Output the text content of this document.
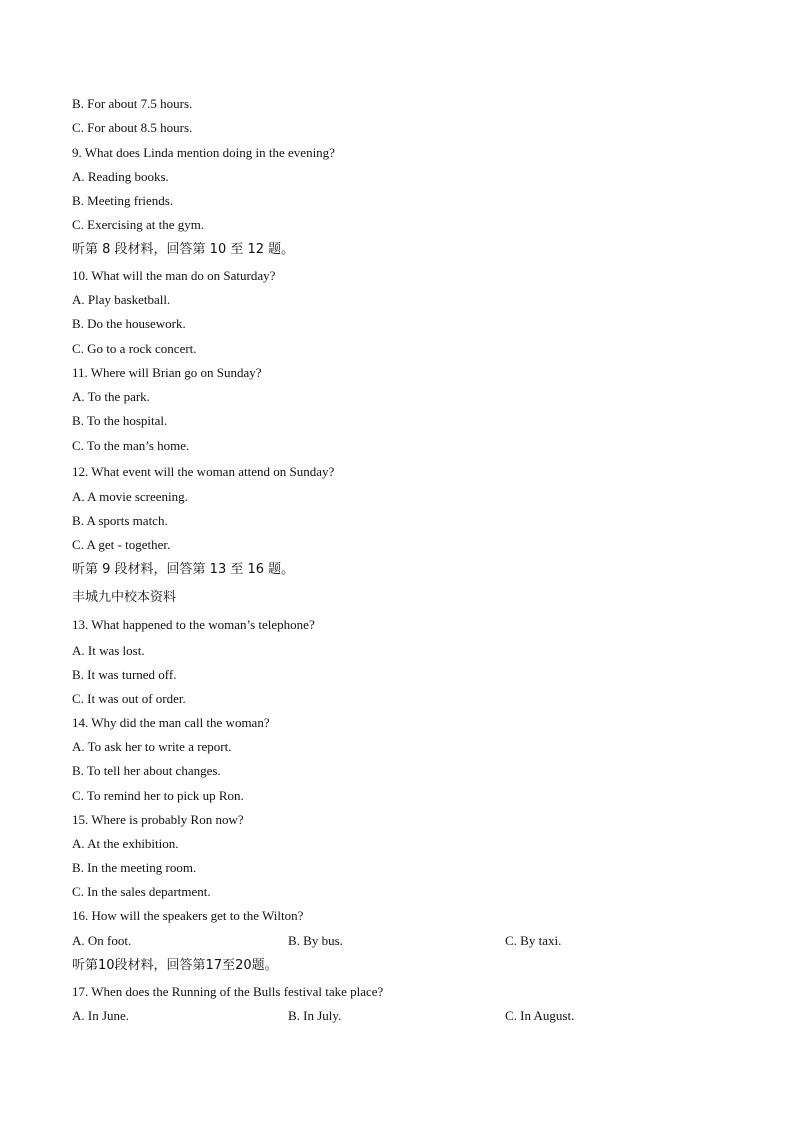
B. For about 7.5 hours.
C. For about 8.5 hours.
9. What does Linda mention doing in the evening?
A. Reading books.
B. Meeting friends.
C. Exercising at the gym.
听第 8 段材料，回答第 10 至 12 题。
10. What will the man do on Saturday?
A. Play basketball.
B. Do the housework.
C. Go to a rock concert.
11. Where will Brian go on Sunday?
A. To the park.
B. To the hospital.
C. To the man’s home.
12. What event will the woman attend on Sunday?
A. A movie screening.
B. A sports match.
C. A get - together.
听第 9 段材料，回答第 13 至 16 题。
丰城九中校本资料
13. What happened to the woman’s telephone?
A. It was lost.
B. It was turned off.
C. It was out of order.
14. Why did the man call the woman?
A. To ask her to write a report.
B. To tell her about changes.
C. To remind her to pick up Ron.
15. Where is probably Ron now?
A. At the exhibition.
B. In the meeting room.
C. In the sales department.
16. How will the speakers get to the Wilton?
A. On foot.	B. By bus.	C. By taxi.
听第10段材料，回答第17至20题。
17. When does the Running of the Bulls festival take place?
A. In June.	B. In July.	C. In August.
